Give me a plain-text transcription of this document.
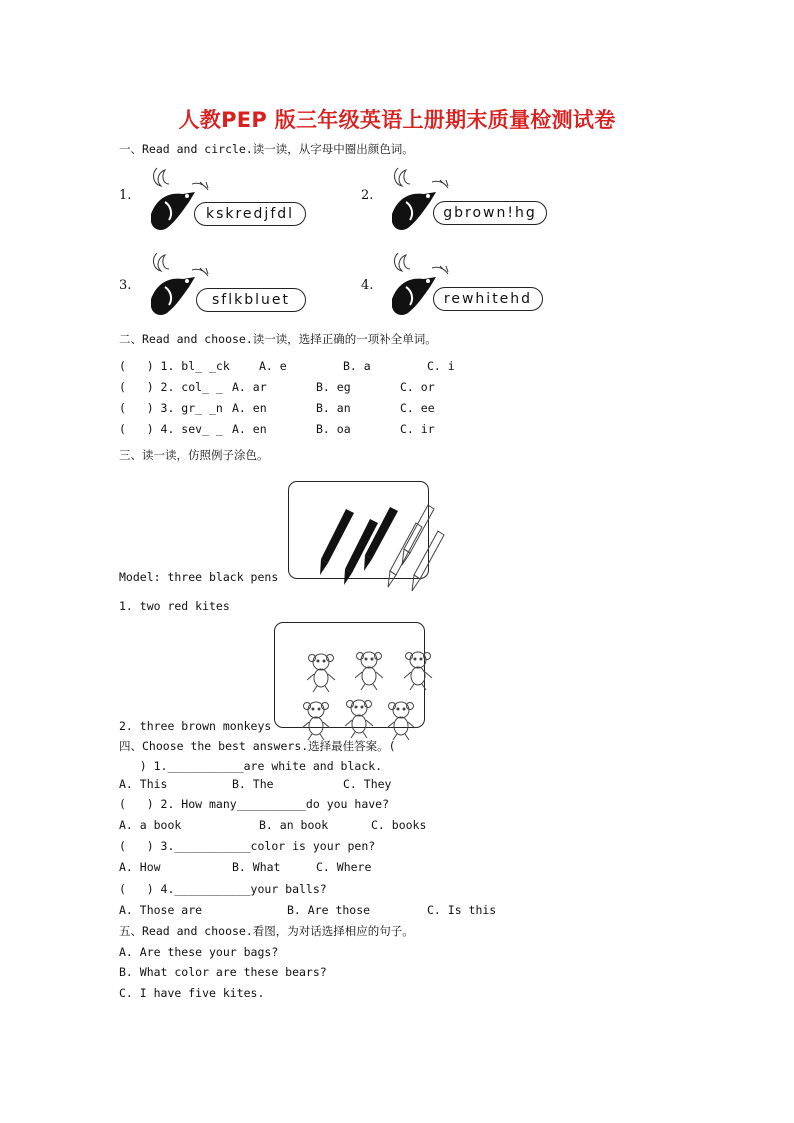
人教PEP 版三年级英语上册期末质量检测试卷
一、Read and circle.读一读，从字母中圈出颜色词。
1.
kskredjfdl
2.
gbrown!hg
3.
sflkbluet
4.
rewhitehd
二、Read and choose.读一读，选择正确的一项补全单词。
(   ) 1. bl_ _ck	A. e	B. a	C. i
(   ) 2. col_ _ A. ar	B. eg	C. or
(   ) 3. gr_ _n A. en	B. an	C. ee
(   ) 4. sev_ _ A. en	B. oa	C. ir
三、读一读，仿照例子涂色。

Model: three black pens
1. two red kites

2. three brown monkeys
四、Choose the best answers.选择最佳答案。(
) 1.___________are white and black.
A. This	B. The	C. They
(   ) 2. How many__________do you have?
A. a book	B. an book	C. books
(   ) 3.___________color is your pen?
A. How	B. What	C. Where
(   ) 4.___________your balls?
A. Those are	B. Are those	C. Is this
五、Read and choose.看图，为对话选择相应的句子。
A. Are these your bags?
B. What color are these bears?
C. I have five kites.
